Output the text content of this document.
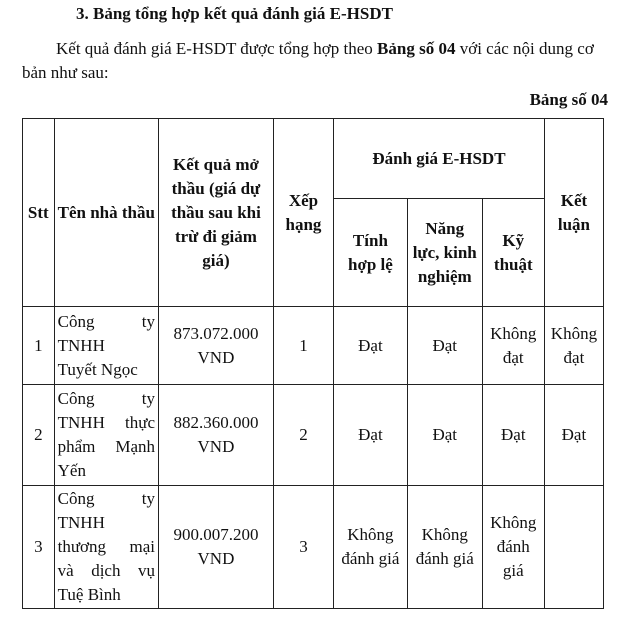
3. Bảng tổng hợp kết quả đánh giá E-HSDT

Kết quả đánh giá E-HSDT được tổng hợp theo Bảng số 04 với các nội dung cơ bản như sau:

Bảng số 04
Stt	Tên nhà thầu	Kết quả mở thầu (giá dự thầu sau khi trừ đi giảm giá)	Xếp hạng	Đánh giá E-HSDT			Kết luận
				Tính hợp lệ	Năng lực, kinh nghiệm	Kỹ thuật	
1	Công ty
TNHH
Tuyết Ngọc	873.072.000 VND	1	Đạt	Đạt	Không đạt	Không đạt
2	Công ty
TNHH thực
phẩm Mạnh
Yến	882.360.000 VND	2	Đạt	Đạt	Đạt	Đạt
3	Công ty
TNHH

thương mại
và dịch vụ
Tuệ Bình	900.007.200 VND	3	Không đánh giá	Không đánh giá	Không đánh giá	
